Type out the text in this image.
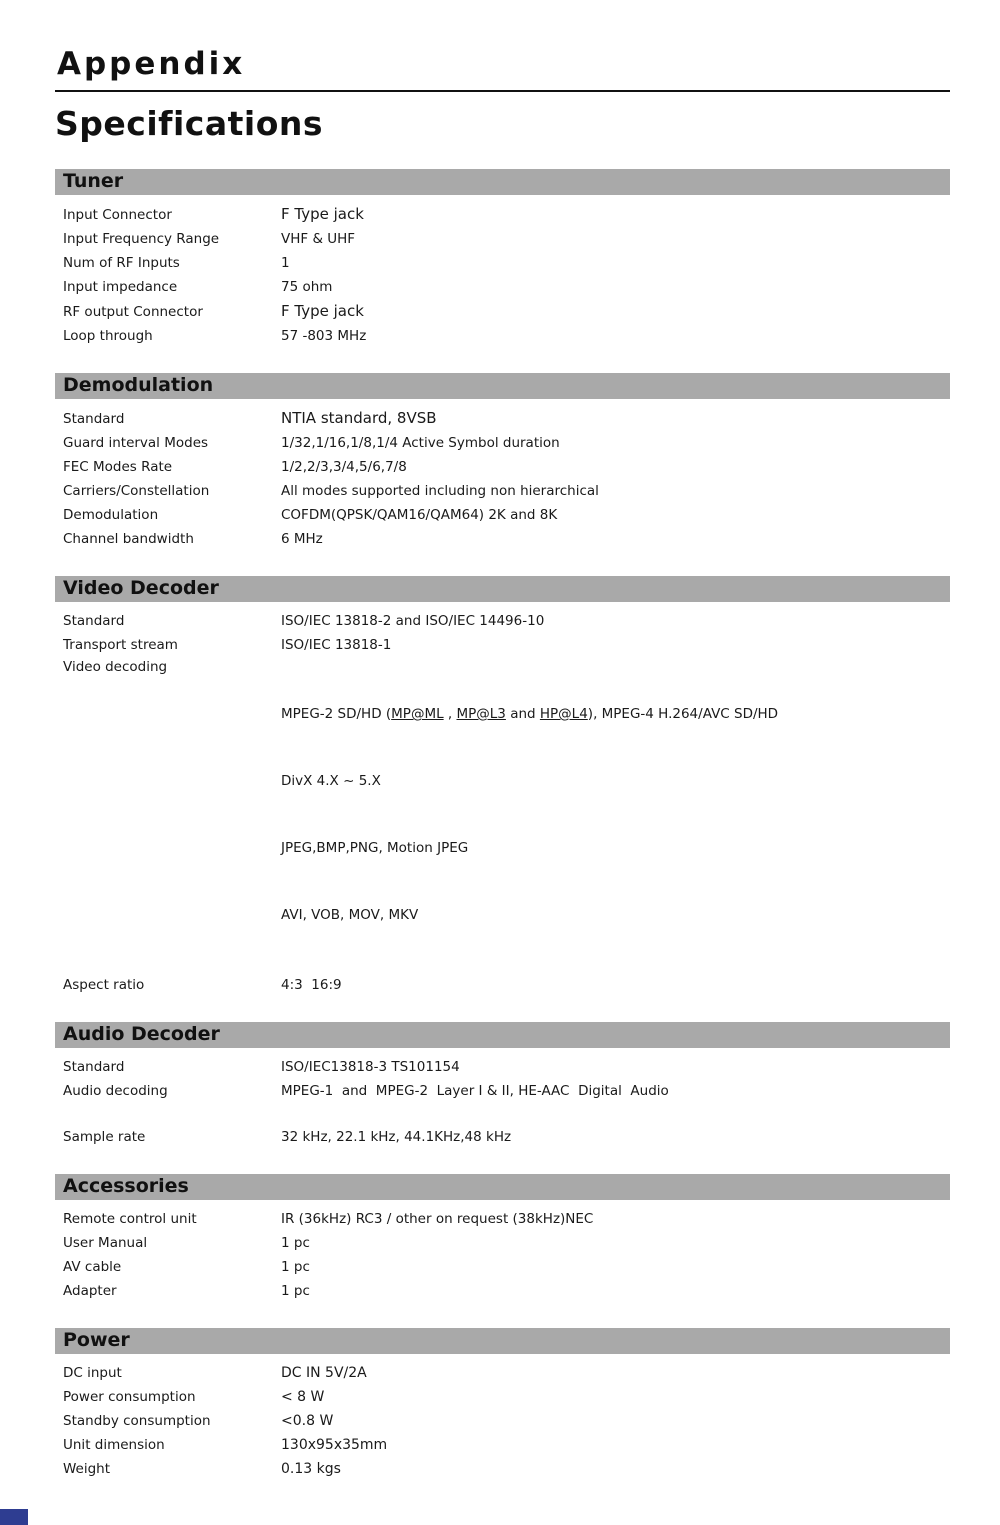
Appendix
Specifications
Tuner
Input Connector	F Type jack
Input Frequency Range	VHF & UHF
Num of RF Inputs	1
Input impedance	75 ohm
RF output Connector	F Type jack
Loop through	57 -803 MHz
Demodulation
Standard	NTIA standard, 8VSB
Guard interval Modes	1/32,1/16,1/8,1/4 Active Symbol duration
FEC Modes Rate	1/2,2/3,3/4,5/6,7/8
Carriers/Constellation	All modes supported including non hierarchical
Demodulation	COFDM(QPSK/QAM16/QAM64) 2K and 8K
Channel bandwidth	6 MHz
Video Decoder
Standard	ISO/IEC 13818-2 and ISO/IEC 14496-10
Transport stream	ISO/IEC 13818-1
Video decoding

MPEG-2 SD/HD (MP@ML , MP@L3 and HP@L4), MPEG-4 H.264/AVC SD/HD

DivX 4.X ~ 5.X

JPEG,BMP,PNG, Motion JPEG

AVI, VOB, MOV, MKV

Aspect ratio	4:3  16:9
Audio Decoder
Standard	ISO/IEC13818-3 TS101154
Audio decoding	MPEG-1  and  MPEG-2  Layer I & II, HE-AAC  Digital  Audio
Sample rate	32 kHz, 22.1 kHz, 44.1KHz,48 kHz
Accessories
Remote control unit	IR (36kHz) RC3 / other on request (38kHz)NEC
User Manual	1 pc
AV cable	1 pc
Adapter	1 pc
Power
DC input	DC IN 5V/2A
Power consumption	< 8 W
Standby consumption	<0.8 W
Unit dimension	130x95x35mm
Weight	0.13 kgs
